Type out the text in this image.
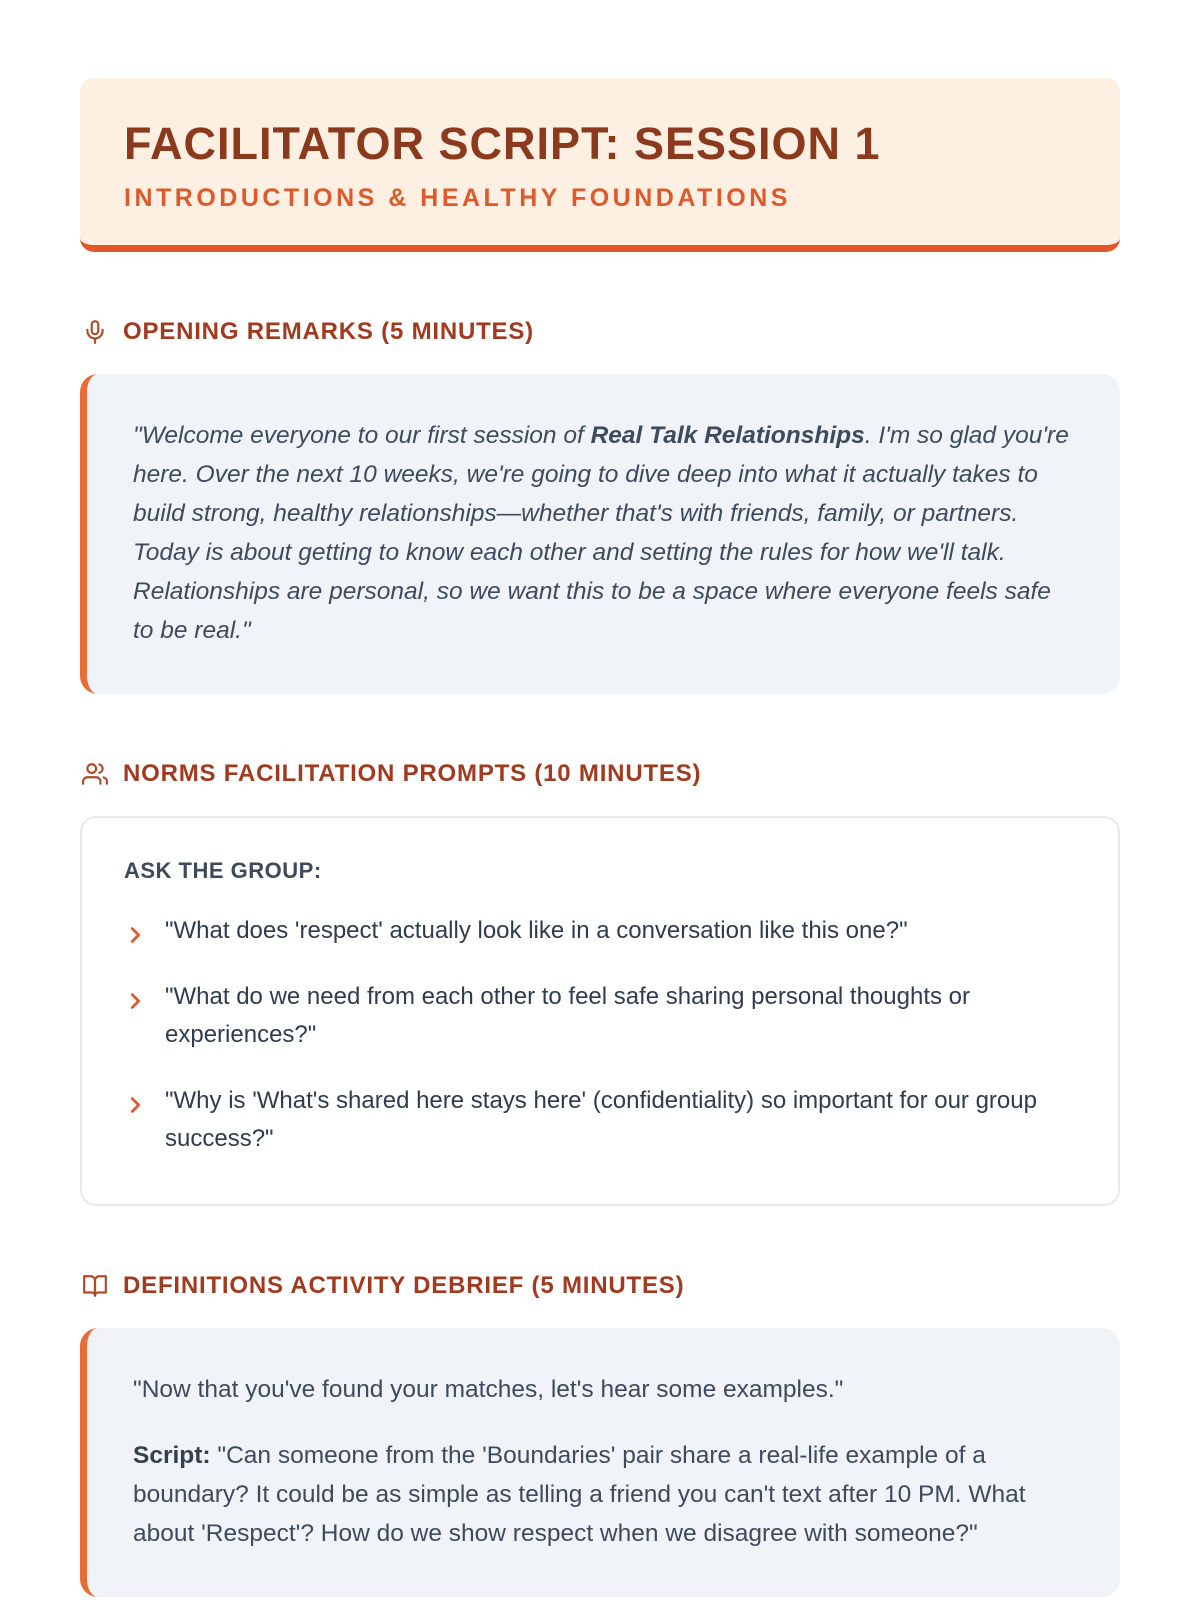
FACILITATOR SCRIPT: SESSION 1
INTRODUCTIONS & HEALTHY FOUNDATIONS
OPENING REMARKS (5 MINUTES)

"Welcome everyone to our first session of Real Talk Relationships. I'm so glad you're here. Over the next 10 weeks, we're going to dive deep into what it actually takes to build strong, healthy relationships—whether that's with friends, family, or partners. Today is about getting to know each other and setting the rules for how we'll talk. Relationships are personal, so we want this to be a space where everyone feels safe to be real."

NORMS FACILITATION PROMPTS (10 MINUTES)

ASK THE GROUP:

"What does 'respect' actually look like in a conversation like this one?"

"What do we need from each other to feel safe sharing personal thoughts or experiences?"

"Why is 'What's shared here stays here' (confidentiality) so important for our group success?"

DEFINITIONS ACTIVITY DEBRIEF (5 MINUTES)

"Now that you've found your matches, let's hear some examples."

Script: "Can someone from the 'Boundaries' pair share a real-life example of a boundary? It could be as simple as telling a friend you can't text after 10 PM. What about 'Respect'? How do we show respect when we disagree with someone?"
